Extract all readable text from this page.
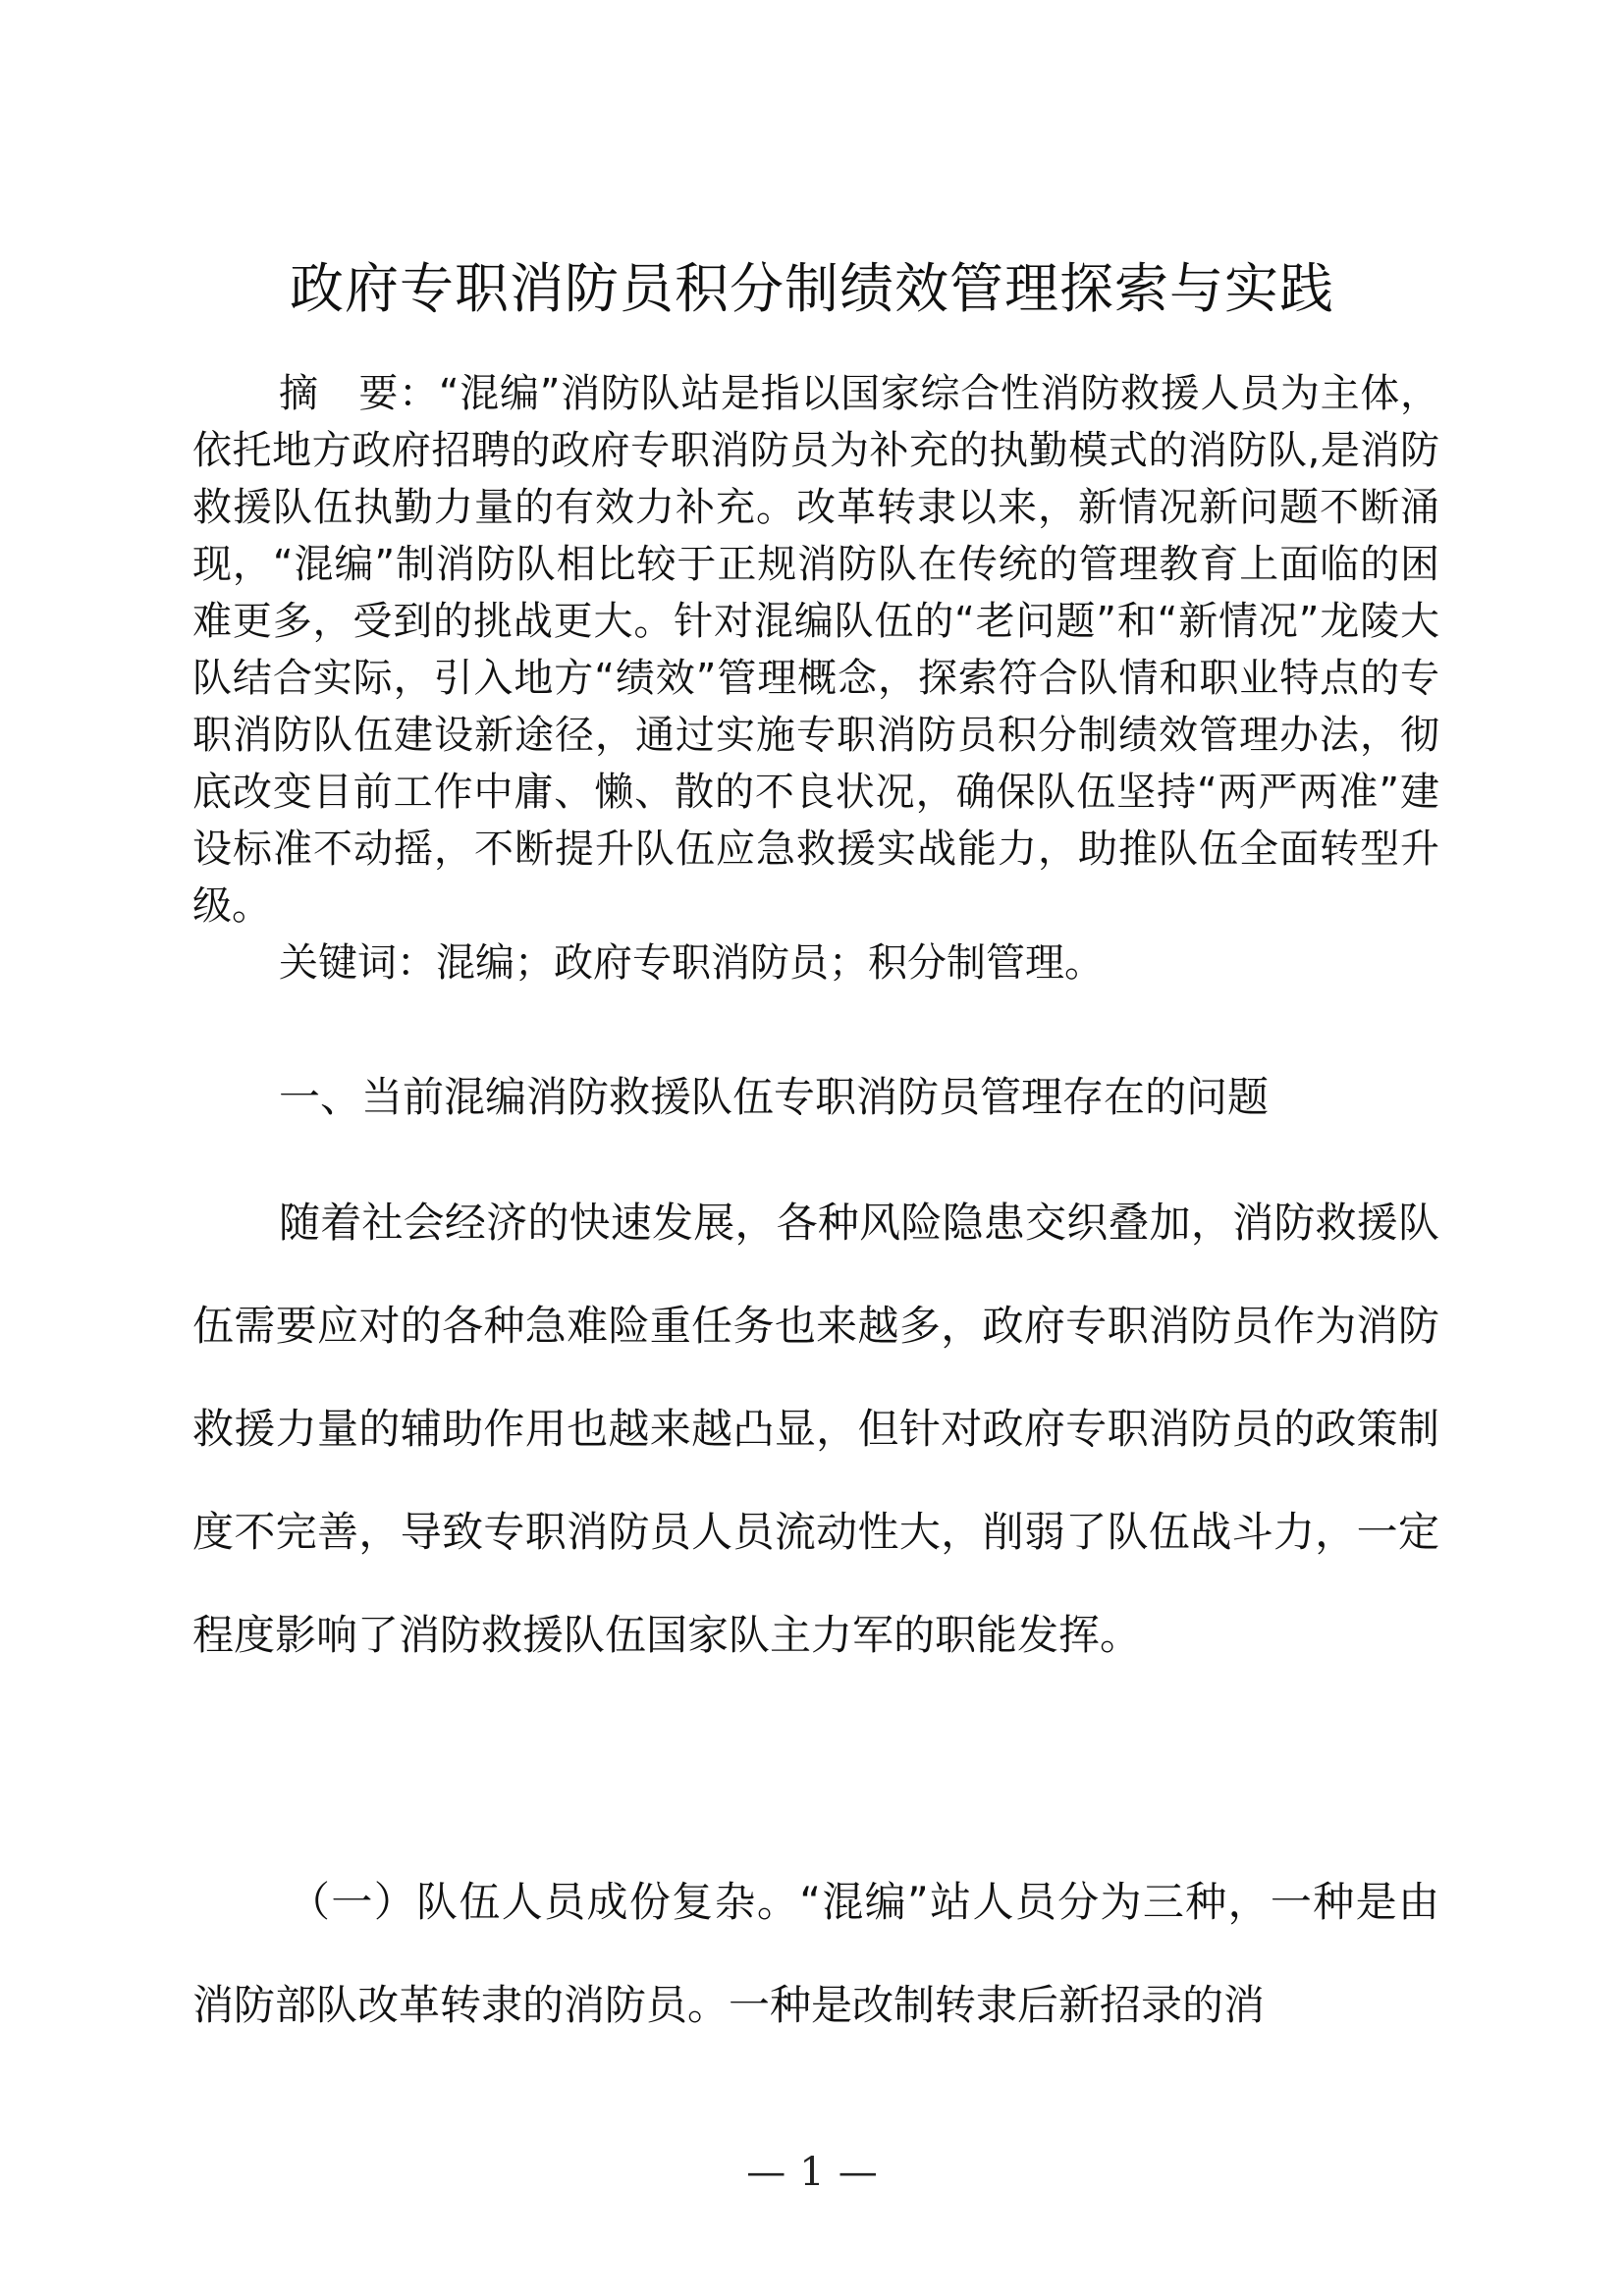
政府专职消防员积分制绩效管理探索与实践

摘　要：“混编”消防队站是指以国家综合性消防救援人员为主体，依托地方政府招聘的政府专职消防员为补充的执勤模式的消防队,是消防救援队伍执勤力量的有效力补充。改革转隶以来，新情况新问题不断涌现，“混编”制消防队相比较于正规消防队在传统的管理教育上面临的困难更多，受到的挑战更大。针对混编队伍的“老问题”和“新情况”龙陵大队结合实际，引入地方“绩效”管理概念，探索符合队情和职业特点的专职消防队伍建设新途径，通过实施专职消防员积分制绩效管理办法，彻底改变目前工作中庸、懒、散的不良状况，确保队伍坚持“两严两准”建设标准不动摇，不断提升队伍应急救援实战能力，助推队伍全面转型升级。

关键词：混编；政府专职消防员；积分制管理。

一、当前混编消防救援队伍专职消防员管理存在的问题

随着社会经济的快速发展，各种风险隐患交织叠加，消防救援队伍需要应对的各种急难险重任务也来越多，政府专职消防员作为消防救援力量的辅助作用也越来越凸显，但针对政府专职消防员的政策制度不完善，导致专职消防员人员流动性大，削弱了队伍战斗力，一定程度影响了消防救援队伍国家队主力军的职能发挥。

（一）队伍人员成份复杂。“混编”站人员分为三种，一种是由消防部队改革转隶的消防员。一种是改制转隶后新招录的消

— 1 —
